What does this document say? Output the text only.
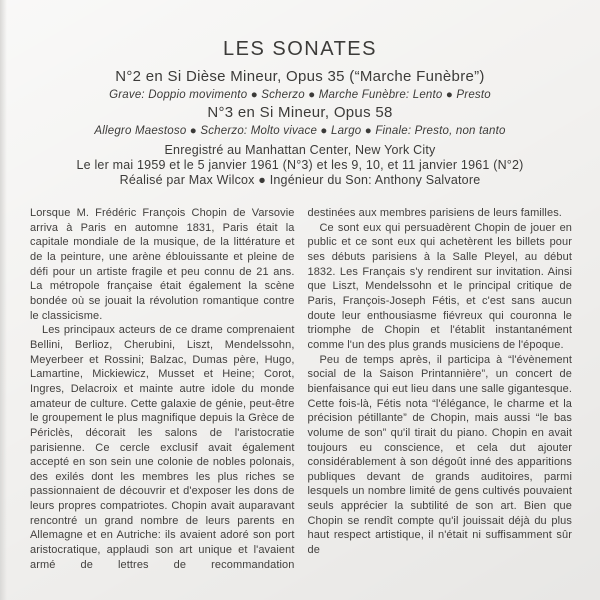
LES SONATES
N°2 en Si Dièse Mineur, Opus 35 (“Marche Funèbre”)
Grave: Doppio movimento ● Scherzo ● Marche Funèbre: Lento ● Presto
N°3 en Si Mineur, Opus 58
Allegro Maestoso ● Scherzo: Molto vivace ● Largo ● Finale: Presto, non tanto
Enregistré au Manhattan Center, New York City
Le ler mai 1959 et le 5 janvier 1961 (N°3) et les 9, 10, et 11 janvier 1961 (N°2)
Réalisé par Max Wilcox ● Ingénieur du Son: Anthony Salvatore

Lorsque M. Frédéric François Chopin de Varsovie arriva à Paris en automne 1831, Paris était la capitale mondiale de la musique, de la littérature et de la peinture, une arène éblouissante et pleine de défi pour un artiste fragile et peu connu de 21 ans. La métropole française était également la scène bondée où se jouait la révolution romantique contre le classicisme.

Les principaux acteurs de ce drame comprenaient Bellini, Berlioz, Cherubini, Liszt, Mendelssohn, Meyerbeer et Rossini; Balzac, Dumas père, Hugo, Lamartine, Mickiewicz, Musset et Heine; Corot, Ingres, Delacroix et mainte autre idole du monde amateur de culture. Cette galaxie de génie, peut-être le groupement le plus magnifique depuis la Grèce de Périclès, décorait les salons de l'aristocratie parisienne. Ce cercle exclusif avait également accepté en son sein une colonie de nobles polonais, des exilés dont les membres les plus riches se passionnaient de découvrir et d'exposer les dons de leurs propres compatriotes. Chopin avait auparavant rencontré un grand nombre de leurs parents en Allemagne et en Autriche: ils avaient adoré son port aristocratique, applaudi son art unique et l'avaient armé de lettres de recommandation

destinées aux membres parisiens de leurs familles.

Ce sont eux qui persuadèrent Chopin de jouer en public et ce sont eux qui achetèrent les billets pour ses débuts parisiens à la Salle Pleyel, au début 1832. Les Français s'y rendirent sur invitation. Ainsi que Liszt, Mendelssohn et le principal critique de Paris, François-Joseph Fétis, et c'est sans aucun doute leur enthousiasme fiévreux qui couronna le triomphe de Chopin et l'établit instantanément comme l'un des plus grands musiciens de l'époque.

Peu de temps après, il participa à “l'évènement social de la Saison Printannière”, un concert de bienfaisance qui eut lieu dans une salle gigantesque. Cette fois-là, Fétis nota “l'élégance, le charme et la précision pétillante” de Chopin, mais aussi “le bas volume de son” qu'il tirait du piano. Chopin en avait toujours eu conscience, et cela dut ajouter considérablement à son dégoût inné des apparitions publiques devant de grands auditoires, parmi lesquels un nombre limité de gens cultivés pouvaient seuls apprécier la subtilité de son art. Bien que Chopin se rendît compte qu'il jouissait déjà du plus haut respect artistique, il n'était ni suffisamment sûr de
